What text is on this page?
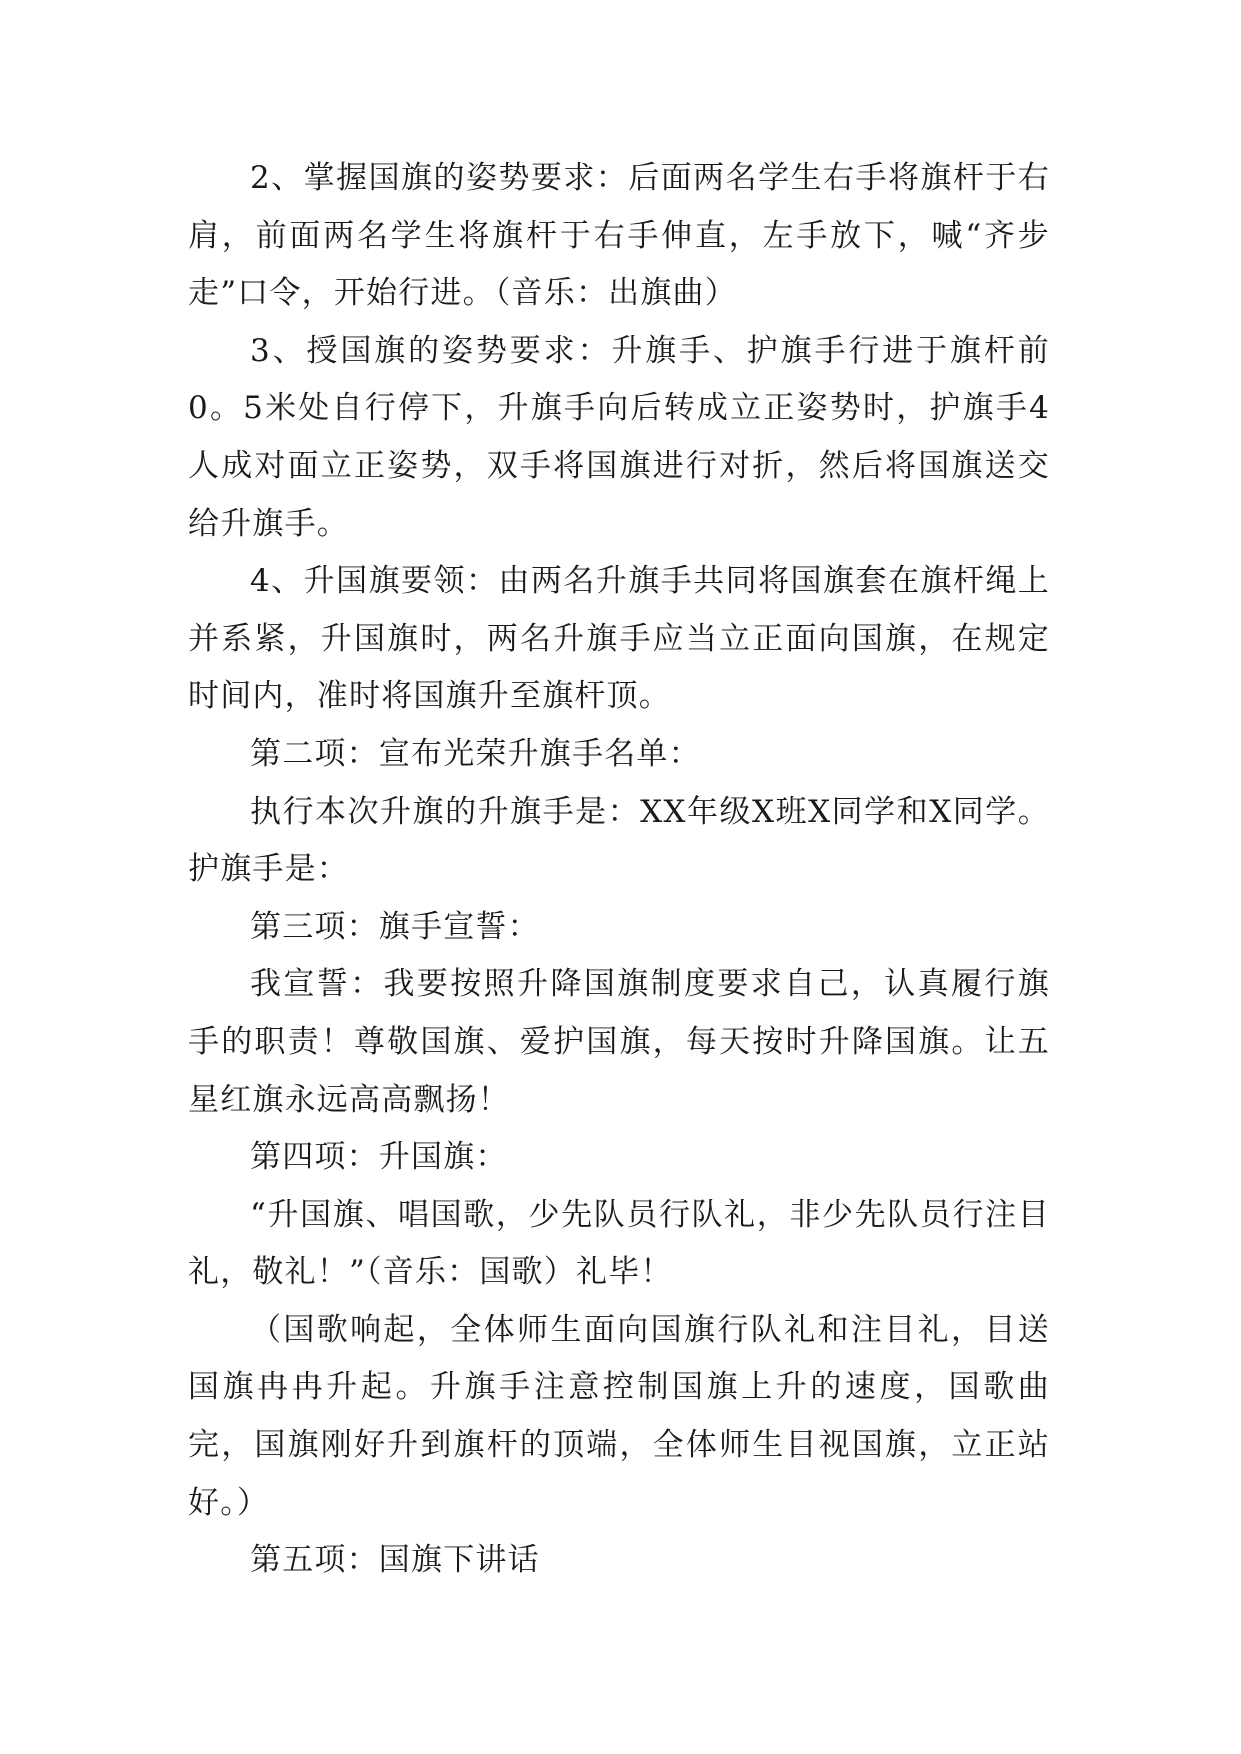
2、掌握国旗的姿势要求：后面两名学生右手将旗杆于右肩，前面两名学生将旗杆于右手伸直，左手放下，喊“齐步走”口令，开始行进。（音乐：出旗曲）

3、授国旗的姿势要求：升旗手、护旗手行进于旗杆前0。5米处自行停下，升旗手向后转成立正姿势时，护旗手4人成对面立正姿势，双手将国旗进行对折，然后将国旗送交给升旗手。

4、升国旗要领：由两名升旗手共同将国旗套在旗杆绳上并系紧，升国旗时，两名升旗手应当立正面向国旗，在规定时间内，准时将国旗升至旗杆顶。

第二项：宣布光荣升旗手名单：

执行本次升旗的升旗手是：XX年级X班X同学和X同学。护旗手是：

第三项：旗手宣誓：

我宣誓：我要按照升降国旗制度要求自己，认真履行旗手的职责！尊敬国旗、爱护国旗，每天按时升降国旗。让五星红旗永远高高飘扬！

第四项：升国旗：

“升国旗、唱国歌，少先队员行队礼，非少先队员行注目礼，敬礼！”（音乐：国歌）礼毕！

（国歌响起，全体师生面向国旗行队礼和注目礼，目送国旗冉冉升起。升旗手注意控制国旗上升的速度，国歌曲完，国旗刚好升到旗杆的顶端，全体师生目视国旗，立正站好。）

第五项：国旗下讲话
